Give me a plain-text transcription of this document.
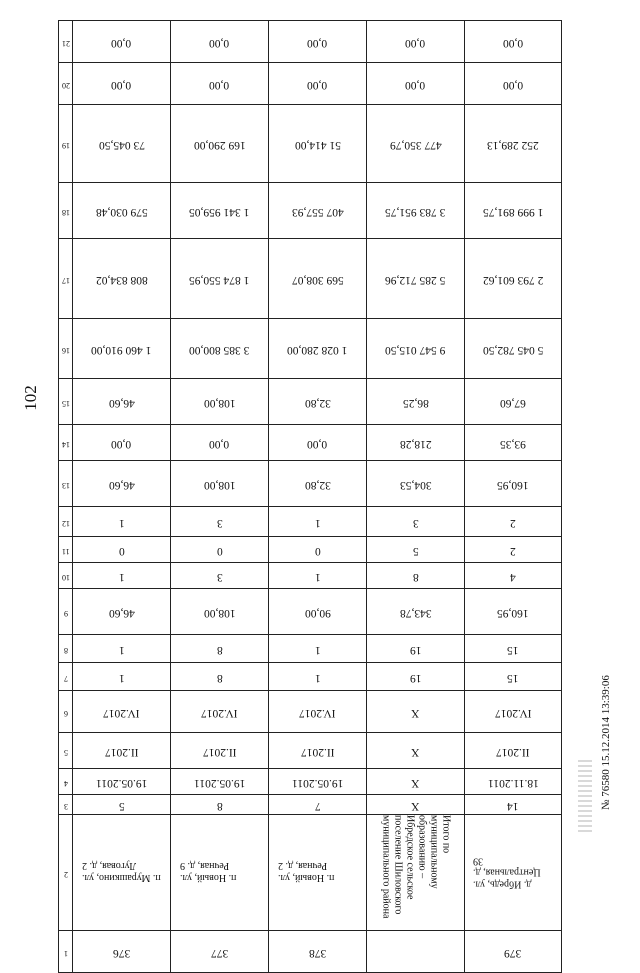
102
21	0,00	0,00	0,00	0,00	0,00
20	0,00	0,00	0,00	0,00	0,00
19	73 045,50	169 290,00	51 414,00	477 350,79	252 289,13
18	579 030,48	1 341 959,05	407 557,93	3 783 951,75	1 999 891,75
17	808 834,02	1 874 550,95	569 308,07	5 285 712,96	2 793 601,62
16	1 460 910,00	3 385 800,00	1 028 280,00	9 547 015,50	5 045 782,50
15	46,60	108,00	32,80	86,25	67,60
14	0,00	0,00	0,00	218,28	93,35
13	46,60	108,00	32,80	304,53	160,95
12	1	3	1	3	2
11	0	0	0	5	2
10	1	3	1	8	4
9	46,60	108,00	90,00	343,78	160,95
8	1	8	1	19	15
7	1	8	1	19	15
6	IV.2017	IV.2017	IV.2017	X	IV.2017
5	II.2017	II.2017	II.2017	X	II.2017
4	19.05.2011	19.05.2011	19.05.2011	X	18.11.2011
3	5	8	7	X	14
2	п. Мурашкино, ул. Луговая, д. 2	п. Новый, ул. Речная, д. 9	п. Новый, ул. Речная, д. 2	Итого по муниципальному образованию – Ибредское сельское поселение Шиловского муниципального района	д. Ибредь, ул. Центральная, д. 39
1	376	377	378		379
№ 76580 15.12.2014 13:39:06
